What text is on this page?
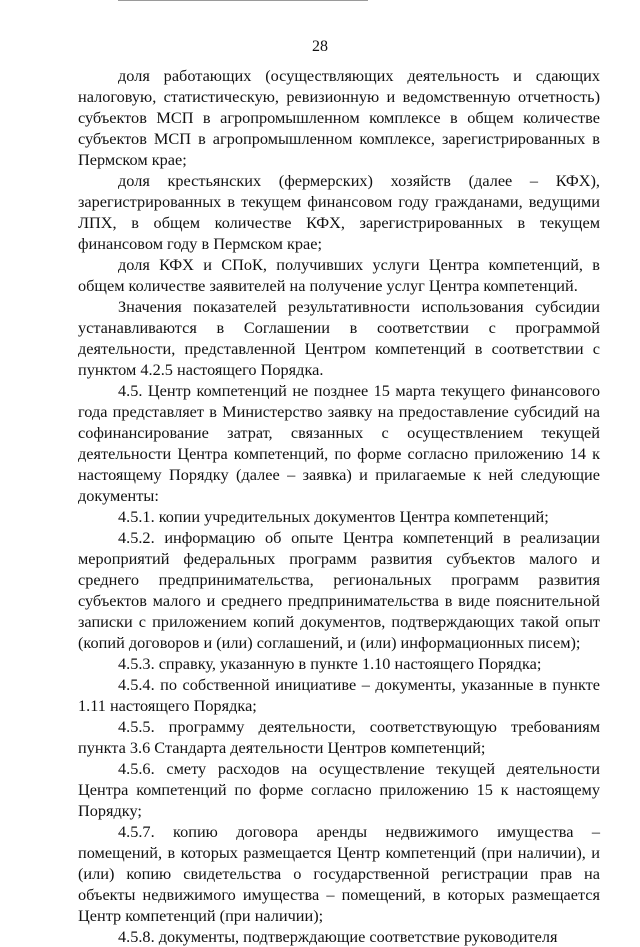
28

доля работающих (осуществляющих деятельность и сдающих налоговую, статистическую, ревизионную и ведомственную отчетность) субъектов МСП в агропромышленном комплексе в общем количестве субъектов МСП в агропромышленном комплексе, зарегистрированных в Пермском крае;

доля крестьянских (фермерских) хозяйств (далее – КФХ), зарегистрированных в текущем финансовом году гражданами, ведущими ЛПХ, в общем количестве КФХ, зарегистрированных в текущем финансовом году в Пермском крае;

доля КФХ и СПоК, получивших услуги Центра компетенций, в общем количестве заявителей на получение услуг Центра компетенций.

Значения показателей результативности использования субсидии устанавливаются в Соглашении в соответствии с программой деятельности, представленной Центром компетенций в соответствии с пунктом 4.2.5 настоящего Порядка.

4.5. Центр компетенций не позднее 15 марта текущего финансового года представляет в Министерство заявку на предоставление субсидий на софинансирование затрат, связанных с осуществлением текущей деятельности Центра компетенций, по форме согласно приложению 14 к настоящему Порядку (далее – заявка) и прилагаемые к ней следующие документы:

4.5.1. копии учредительных документов Центра компетенций;

4.5.2. информацию об опыте Центра компетенций в реализации мероприятий федеральных программ развития субъектов малого и среднего предпринимательства, региональных программ развития субъектов малого и среднего предпринимательства в виде пояснительной записки с приложением копий документов, подтверждающих такой опыт (копий договоров и (или) соглашений, и (или) информационных писем);

4.5.3. справку, указанную в пункте 1.10 настоящего Порядка;

4.5.4. по собственной инициативе – документы, указанные в пункте 1.11 настоящего Порядка;

4.5.5. программу деятельности, соответствующую требованиям пункта 3.6 Стандарта деятельности Центров компетенций;

4.5.6. смету расходов на осуществление текущей деятельности Центра компетенций по форме согласно приложению 15 к настоящему Порядку;

4.5.7. копию договора аренды недвижимого имущества – помещений, в которых размещается Центр компетенций (при наличии), и (или) копию свидетельства о государственной регистрации прав на объекты недвижимого имущества – помещений, в которых размещается Центр компетенций (при наличии);

4.5.8. документы, подтверждающие соответствие руководителя
